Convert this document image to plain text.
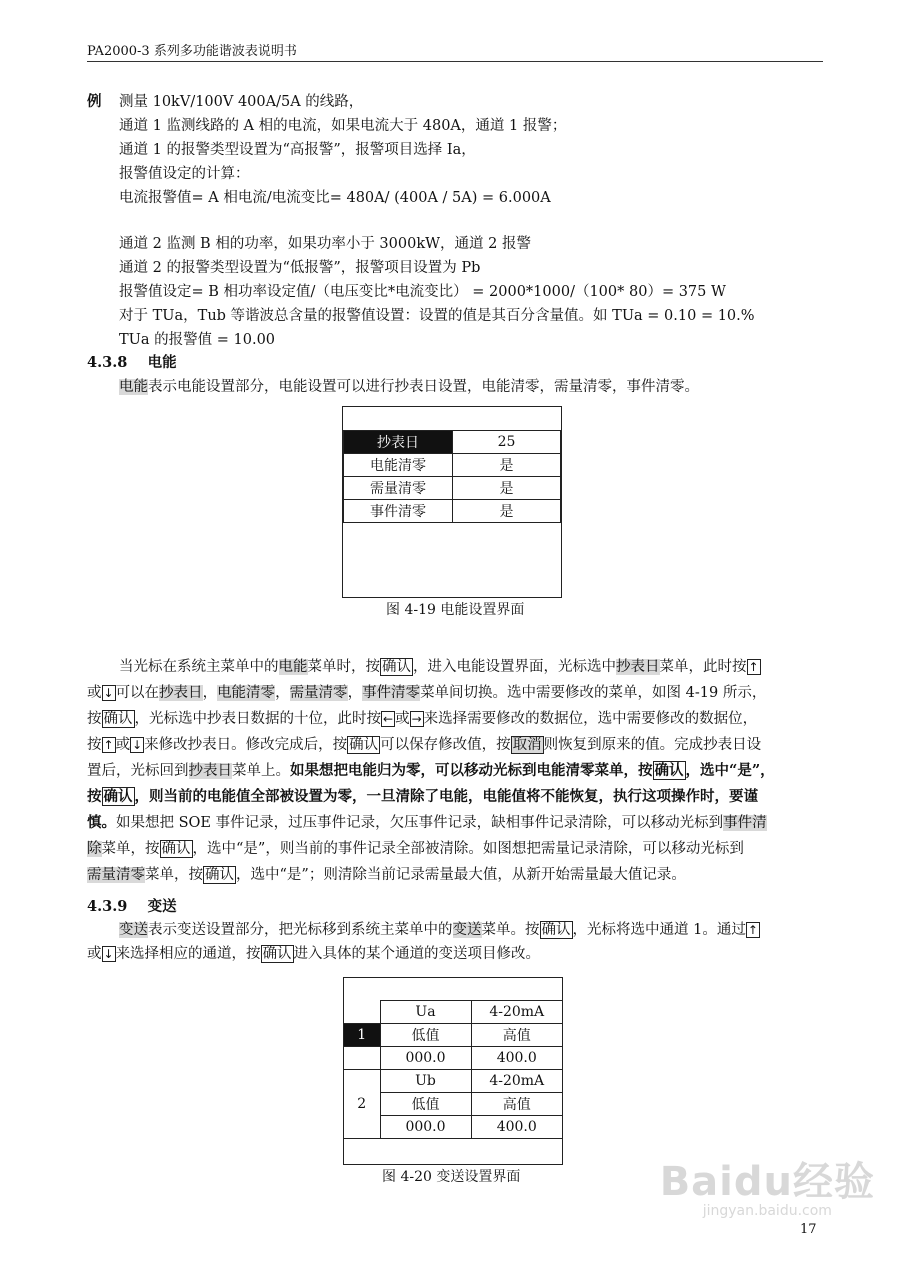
PA2000-3 系列多功能谐波表说明书
例 测量 10kV/100V 400A/5A 的线路，
通道 1 监测线路的 A 相的电流，如果电流大于 480A，通道 1 报警；
通道 1 的报警类型设置为“高报警”，报警项目选择 Ia，
报警值设定的计算：
电流报警值= A 相电流/电流变比= 480A/ (400A / 5A) = 6.000A
通道 2 监测 B 相的功率，如果功率小于 3000kW，通道 2 报警
通道 2 的报警类型设置为“低报警”，报警项目设置为 Pb
报警值设定= B 相功率设定值/（电压变比*电流变比） = 2000*1000/（100* 80）= 375 W
对于 TUa，Tub 等谐波总含量的报警值设置：设置的值是其百分含量值。如 TUa = 0.10 = 10.%
TUa 的报警值 = 10.00
4.3.8 电能
电能表示电能设置部分，电能设置可以进行抄表日设置，电能清零，需量清零，事件清零。
抄表日	25
电能清零	是
需量清零	是
事件清零	是
图 4-19 电能设置界面
当光标在系统主菜单中的电能菜单时，按 确认 ，进入电能设置界面，光标选中抄表日菜单，此时按 ↑
或 ↓ 可以在抄表日，电能清零，需量清零，事件清零菜单间切换。选中需要修改的菜单，如图 4-19 所示，
按 确认 ，光标选中抄表日数据的十位，此时按 ← 或 → 来选择需要修改的数据位，选中需要修改的数据位，
按 ↑ 或 ↓ 来修改抄表日。修改完成后，按 确认 可以保存修改值，按 取消 则恢复到原来的值。完成抄表日设
置后，光标回到抄表日菜单上。如果想把电能归为零，可以移动光标到电能清零菜单，按 确认 ，选中“是”，
按 确认 ，则当前的电能值全部被设置为零，一旦清除了电能，电能值将不能恢复，执行这项操作时，要谨
慎。如果想把 SOE 事件记录，过压事件记录，欠压事件记录，缺相事件记录清除，可以移动光标到事件清
除菜单，按 确认 ，选中“是”，则当前的事件记录全部被清除。如图想把需量记录清除，可以移动光标到
需量清零菜单，按 确认 ，选中“是”；则清除当前记录需量最大值，从新开始需量最大值记录。
4.3.9 变送
变送表示变送设置部分，把光标移到系统主菜单中的变送菜单。按 确认 ，光标将选中通道 1。通过 ↑
或 ↓ 来选择相应的通道，按 确认 进入具体的某个通道的变送项目修改。
	Ua	4-20mA
1	低值	高值
	000.0	400.0
2	Ub	4-20mA
	低值	高值
	000.0	400.0
图 4-20 变送设置界面	Baidu经验
jingyan.baidu.com
17
